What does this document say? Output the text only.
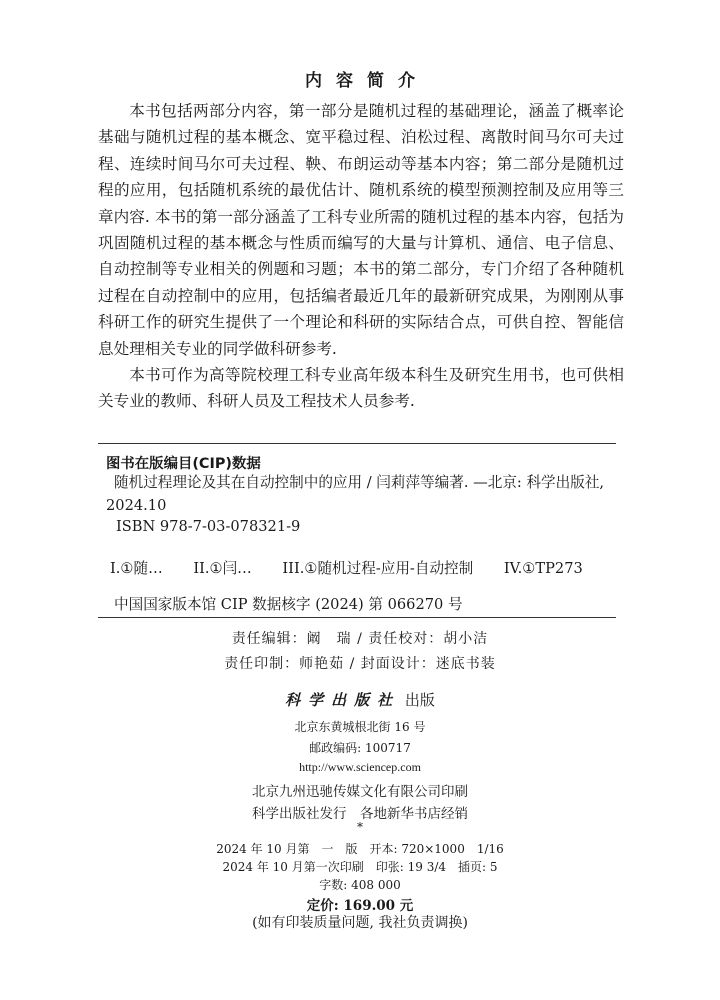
内容简介

本书包括两部分内容，第一部分是随机过程的基础理论，涵盖了概率论基础与随机过程的基本概念、宽平稳过程、泊松过程、离散时间马尔可夫过程、连续时间马尔可夫过程、鞅、布朗运动等基本内容；第二部分是随机过程的应用，包括随机系统的最优估计、随机系统的模型预测控制及应用等三章内容. 本书的第一部分涵盖了工科专业所需的随机过程的基本内容，包括为巩固随机过程的基本概念与性质而编写的大量与计算机、通信、电子信息、自动控制等专业相关的例题和习题；本书的第二部分，专门介绍了各种随机过程在自动控制中的应用，包括编者最近几年的最新研究成果，为刚刚从事科研工作的研究生提供了一个理论和科研的实际结合点，可供自控、智能信息处理相关专业的同学做科研参考.

本书可作为高等院校理工科专业高年级本科生及研究生用书，也可供相关专业的教师、科研人员及工程技术人员参考.

图书在版编目(CIP)数据
随机过程理论及其在自动控制中的应用 / 闫莉萍等编著. —北京: 科学出版社, 2024.10
ISBN 978-7-03-078321-9
I.①随… II.①闫… III.①随机过程-应用-自动控制 IV.①TP273
中国国家版本馆 CIP 数据核字 (2024) 第 066270 号
责任编辑：阚　瑞 / 责任校对：胡小洁
责任印制：师艳茹 / 封面设计：迷底书装
科学出版社 出版
北京东黄城根北街 16 号
邮政编码: 100717
http://www.sciencep.com
北京九州迅驰传媒文化有限公司印刷
科学出版社发行　各地新华书店经销
*
2024 年 10 月第　一　版　开本: 720×1000　1/16
2024 年 10 月第一次印刷　印张: 19 3/4　插页: 5
字数: 408 000
定价: 169.00 元
(如有印装质量问题, 我社负责调换)
